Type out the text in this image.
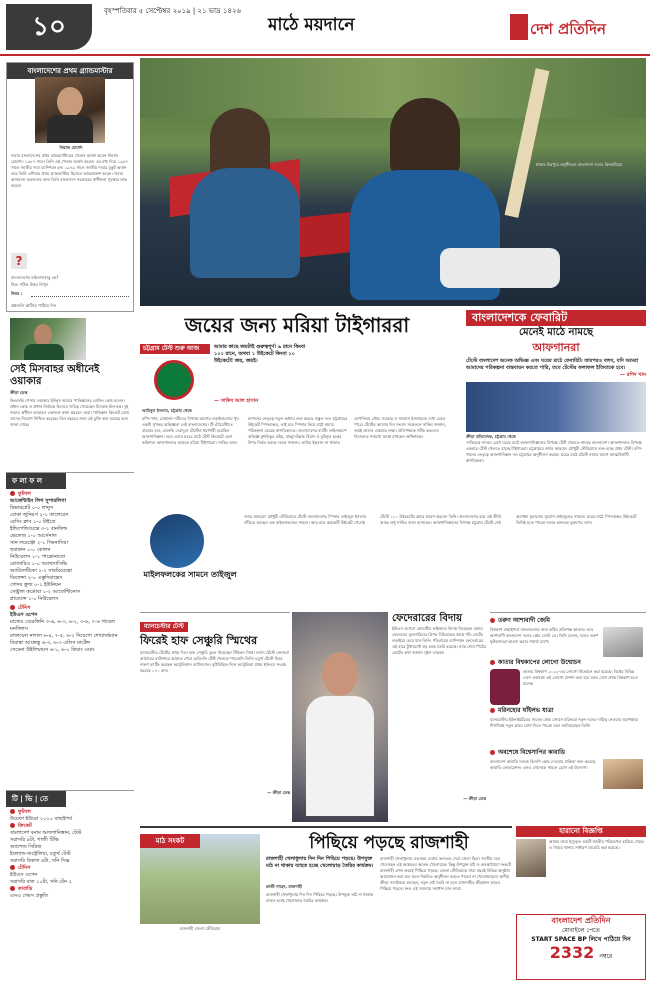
১০
বৃহস্পতিবার ৫ সেপ্টেম্বর ২০১৯ | ২১ ভাদ্র ১৪২৬
মাঠে ময়দানে	দেশ প্রতিদিন
বাংলাদেশের প্রথম গ্র্যান্ডমাস্টার
নিয়াজ মোর্শেদ
দাবায় বাংলাদেশের প্রথম গ্র্যান্ডমাস্টারের খেতাব অর্জন করেন নিয়াজ মোর্শেদ। ১৯৮৭ সালে তিনি এই খেতাব অর্জন করেন। এর মধ্য দিয়ে ১৯৮৭ সালে জাতীয় দাবা চ্যাম্পিয়ন হন। ১৯৭৯ সালে জাতীয় দাবার মুকুট অর্জন করে তিনি এশিয়ার প্রথম গ্র্যান্ডমাস্টার হিসেবে আত্মপ্রকাশ করেন। দাবায় অসামান্য অবদানের জন্য তিনি বাংলাদেশ সরকারের স্বাধীনতা পুরস্কার লাভ করেন।
?
বাংলাদেশের মহিলাদাবাড়ু কে?
নিচে সঠিক উত্তর লিখুন
উত্তর :
প্রশ্নগুলি কাটিয়ে পাঠিয়ে দিন
সেই মিসবাহর অধীনেই ওয়াকার
ক্রীড়া ডেস্ক
কিংবদন্তি পেসার ওয়াকার ইউনুস আবার পাকিস্তানের বোলিং কোচ হলেন। প্রধান কোচ ও প্রধান নির্বাচক হিসেবে দায়িত্ব পেয়েছেন মিসবাহ-উল-হক। দুই জনের অধীনে আবারও একসঙ্গে কাজ করবেন তারা। পাকিস্তান ক্রিকেট বোর্ড তাদের নিয়োগ নিশ্চিত করেছে। তিন বছরের জন্য এই চুক্তি করা হয়েছে বলে জানা গেছে।
ফ লা ফ ল
ফুটবল
আর্জেন্টাইন লিগ সুপারলিগা
রিভারপ্লেট ০-০ লানুস
বোকা জুনিয়র্স ২-১ তালেরেস
রেসিং ক্লাব ১-০ টাইগ্রে
ইন্ডিপেন্ডিয়েন্তে ৩-১ বানফিল্ড
ভেলেজ ১-০ আর্সেনাল
সান লরেঞ্জো ২-১ গিমনাসিয়া
হুরাকান ০-০ কোলন
নিউয়েলস ১-১ পাত্রোনাতো
রোজারিও ১-০ আলদোসিভি
অ্যাটলেটিকো ২-২ সারমিয়েন্তো
ডিফেন্সা ২-০ এস্তুদিয়ান্তেস
গোদয় ক্রুজ ০-১ ইউনিয়ন
সেন্ট্রাল কর্ডোবা ১-২ আর্জেন্টিনোস
প্লাতেন্সে ১-০ নিউয়েলস
টেনিস
ইউএস ওপেন
মাত্তেও বেরেত্তিনি ৩-৬, ৬-৩, ৬-২, ৩-৬, ৭-৬ গায়েল মনফিলস
রাফায়েল নাদাল ৬-৪, ৭-৫, ৬-২ দিয়েগো শোয়ার্জম্যান
বিয়াঙ্কা আন্দ্রেস্কু ৬-৩, ৬-৩ এলিস মার্টেন্স
সেরেনা উইলিয়ামস ৬-১, ৬-০ কিয়াং ওয়াং
টি | ভি | তে
ফুটবল
উয়েফা ইউরো ২০২০ বাছাইপর্ব
ক্রিকেট
বাংলাদেশ বনাম আফগানিস্তান, টেস্ট
সরাসরি ৯টা, গাজী টিভি
অ্যাশেজ সিরিজ
ইংল্যান্ড-অস্ট্রেলিয়া, চতুর্থ টেস্ট
সরাসরি বিকাল ৪টা, সনি সিক্স
টেনিস
ইউএস ওপেন
সরাসরি রাত ১০টা, সনি টেন ২
কাবাডি
এসএ গেমস প্রস্তুতি
ঢাকার মিরপুরে অনুশীলনে বাংলাদেশ দলের ক্রিকেটাররা
জয়ের জন্য মরিয়া টাইগাররা	বাংলাদেশকে ফেবারিট
মেনেই মাঠে নামছে
আফগানরা
টেস্টে বাংলাদেশ অনেক অভিজ্ঞ এবং ঘরের মাঠে ফেবারিট। তারপরও বলব, যদি আমরা আমাদের পরিকল্পনা বাস্তবায়ন করতে পারি, তবে টেস্টের ফলাফল ইতিবাচক হবে।
— রশিদ খান
ক্রীড়া প্রতিবেদক, চট্টগ্রাম থেকে
সাকিবকে সামনে রেখে ঘরের মাঠে আফগানিস্তানের বিপক্ষে টেস্ট খেলতে নামছে বাংলাদেশ। আফগানদের বিপক্ষে একমাত্র টেস্ট খেলতে যাচ্ছে টাইগাররা। চট্টগ্রামের জহুর আহমেদ চৌধুরী স্টেডিয়ামে শুরু হচ্ছে প্রথম টেস্ট। রশিদ খানের নেতৃত্বে আফগানিস্তান দল চট্টগ্রামে অনুশীলন করছে। ঘরের মাঠে টেস্টে নামার আগে আত্মবিশ্বাসী স্বাগতিকরা।
চট্টগ্রাম টেস্ট শুরু আজ	আমার কাছে জয়টাই গুরুত্বপূর্ণ। ৯ রানে কিংবা ১০০ রানে, অথবা ১ উইকেটে কিংবা ১০ উইকেটে! জয়, জয়ই।
— সাকিব আল হাসান
আমিনুল ইসলাম, চট্টগ্রাম থেকে
রশিদ খান, মোহাম্মদ নবীদের বিপক্ষে আগের লড়াইগুলোয় খুব একটা সুখকর অভিজ্ঞতা নেই বাংলাদেশের। টি-টোয়েন্টিতে বারবার হার, এমনকি দেরাদুনে টেস্টেও ধরাশায়ী হয়েছিল আফগানিস্তান। তবে এবার ঘরের মাঠে টেস্ট ক্রিকেটে চেনা কন্ডিশনে আফগানদের হারাতে মরিয়া টাইগাররা। সাকিব আল হাসানের নেতৃত্বে নতুন অধ্যায় শুরু করতে প্রস্তুত দল। চট্টগ্রামের উইকেট স্পিনবান্ধব, তাই চার স্পিনার নিয়ে মাঠে নামার পরিকল্পনা রয়েছে স্বাগতিকদের। বাংলাদেশের ব্যাটিং লাইনআপে অভিজ্ঞ মুশফিকুর রহিম, মাহমুদউল্লাহ রিয়াদ ও মুমিনুল হকের উপর নির্ভর করছে দলের সাফল্য। তামিম ইকবাল না থাকায় ওপেনিংয়ে সৌম্য সরকার ও সাদমান ইসলামকে দেখা যেতে পারে। টেস্টের আগের দিন সংবাদ সম্মেলনে সাকিব জানান, জয়ই তাদের একমাত্র লক্ষ্য। প্রতিপক্ষকে সমীহ করলেও নিজেদের সামর্থ্যে আস্থা রাখছেন অধিনায়ক।
মাইলফলকের সামনে তাইজুল
জহুর আহমেদ চৌধুরী স্টেডিয়ামে টেস্টে বাংলাদেশের স্পিনার তাইজুল ইসলাম দাঁড়িয়ে আছেন এক মাইলফলকের সামনে। আর মাত্র কয়েকটি উইকেট পেলেই টেস্টে ১০০ উইকেটের ক্লাবে প্রবেশ করবেন তিনি। বাংলাদেশের হয়ে এই কীর্তি আছে শুধু সাকিব আল হাসানের। আফগানিস্তানের বিপক্ষে চট্টগ্রাম টেস্টে সেই অপেক্ষা ফুরানোর সুযোগ তাইজুলের সামনে। ঘরের মাঠে স্পিনবান্ধব উইকেটে তিনিই হতে পারেন দলের অন্যতম তুরুপের তাস।
ম্যানচেস্টার টেস্ট
ফিরেই হাফ সেঞ্চুরি স্মিথের
ম্যানচেস্টার টেস্টের প্রথম দিনে হাফ সেঞ্চুরি তুলে নিয়েছেন স্টিভেন স্মিথ। লর্ডস টেস্টে জোফরা আর্চারের বাউন্সারে আঘাত পেয়ে হেডিংলি টেস্ট খেলতে পারেননি তিনি। চতুর্থ টেস্টে ফিরে দারুণ ব্যাটিং করছেন অস্ট্রেলিয়ান ব্যাটসম্যান। বৃষ্টিবিঘ্নিত দিনে অস্ট্রেলিয়া প্রথম ইনিংসে সংগ্রহ করেছে ১৭০ রান।
— ক্রীড়া ডেস্ক
ফেদেরারের বিদায়
ইউএস ওপেনে কোয়ার্টার ফাইনালে বিদায় নিয়েছেন রজার ফেদেরার। বুলগেরিয়ার গ্রিগর দিমিত্রভের কাছে পাঁচ সেটের লড়াইয়ে হেরে যান তিনি। পাঁচবারের চ্যাম্পিয়ন ফেদেরারের এই হারে টুর্নামেন্টে বড় চমক তৈরি হয়েছে। ম্যাচ শেষে পিঠের চোটের কথা জানান সুইস তারকা।
— ক্রীড়া ডেস্ক
তরুণ আশাবাদী জেমি
বিশ্বকাপ বাছাইপর্বে বাংলাদেশের জন্য কঠিন প্রতিপক্ষ কাতার। তবে আশাবাদী বাংলাদেশ দলের কোচ জেমি ডে। তিনি বলেন, দলের তরুণ ফুটবলাররা ভালো করার সামর্থ্য রাখে।
কাতার বিশ্বকাপের লোগো উন্মোচন
কাতার বিশ্বকাপ ২০২২-এর লোগো উন্মোচন করা হয়েছে। বিশ্বের বিভিন্ন দেশে একসঙ্গে এই লোগো প্রদর্শন করা হয়। মরুর দেশে প্রথম বিশ্বকাপ হতে যাচ্ছে।
মরিনহোর ঘাঁইলভ যাত্রা
ম্যানচেস্টার ইউনাইটেডের সাবেক কোচ জোসে মরিনহো নতুন দলের দায়িত্ব নেওয়ার অপেক্ষায়। শিগগিরই নতুন ক্লাবে যোগ দিতে পারেন বলে জানিয়েছেন তিনি।
অবশেষে বিশ্বেসাপির কাবাডি
বাংলাদেশ কাবাডি দলকে বিদেশি কোচ দেওয়ার প্রক্রিয়া শুরু করেছে কাবাডি ফেডারেশন। এসএ গেমসকে সামনে রেখে এই উদ্যোগ।
মাঠ সংকট
রাজশাহী জেলা স্টেডিয়াম
পিছিয়ে পড়ছে রাজশাহী
রাজশাহী খেলাধুলায় দিন দিন পিছিয়ে পড়ছে। উপযুক্ত মাঠ না থাকায় ব্যাহত হচ্ছে খেলোয়াড় তৈরির কার্যক্রম।
কাজী শাহেদ, রাজশাহী
রাজশাহী খেলাধুলায় একসময় দেশের অন্যতম সেরা জেলা ছিল। জাতীয় দলে খেলেছেন এই অঞ্চলের অনেক খেলোয়াড়। কিন্তু উপযুক্ত মাঠ ও অবকাঠামো সংকটে রাজশাহী এখন ক্রমেই পিছিয়ে পড়ছে। জেলা স্টেডিয়ামে সারা বছরই বিভিন্ন অনুষ্ঠান আয়োজন করা হয়। ফলে নিয়মিত অনুশীলন করতে পারেন না খেলোয়াড়রা। স্থানীয় ক্রীড়া সংগঠকরা বলছেন, নতুন মাঠ তৈরি না হলে রাজশাহীর ক্রীড়াঙ্গন আরও পিছিয়ে পড়বে। দ্রুত এই সমস্যার সমাধান চান তারা।
রাজশাহী খেলাধুলায় দিন দিন পিছিয়ে পড়ছে। উপযুক্ত মাঠ না থাকায় ব্যাহত হচ্ছে খেলোয়াড় তৈরির কার্যক্রম।
হারানো বিজ্ঞপ্তি
আমার নামে ইস্যুকৃত একটি জাতীয় পরিচয়পত্র হারিয়ে গেছে। এ বিষয়ে থানায় সাধারণ ডায়েরি করা হয়েছে।
বাংলাদেশ প্রতিদিন
মোবাইলে পেতে
START SPACE BP লিখে পাঠিয়ে দিন
2332 নম্বরে
